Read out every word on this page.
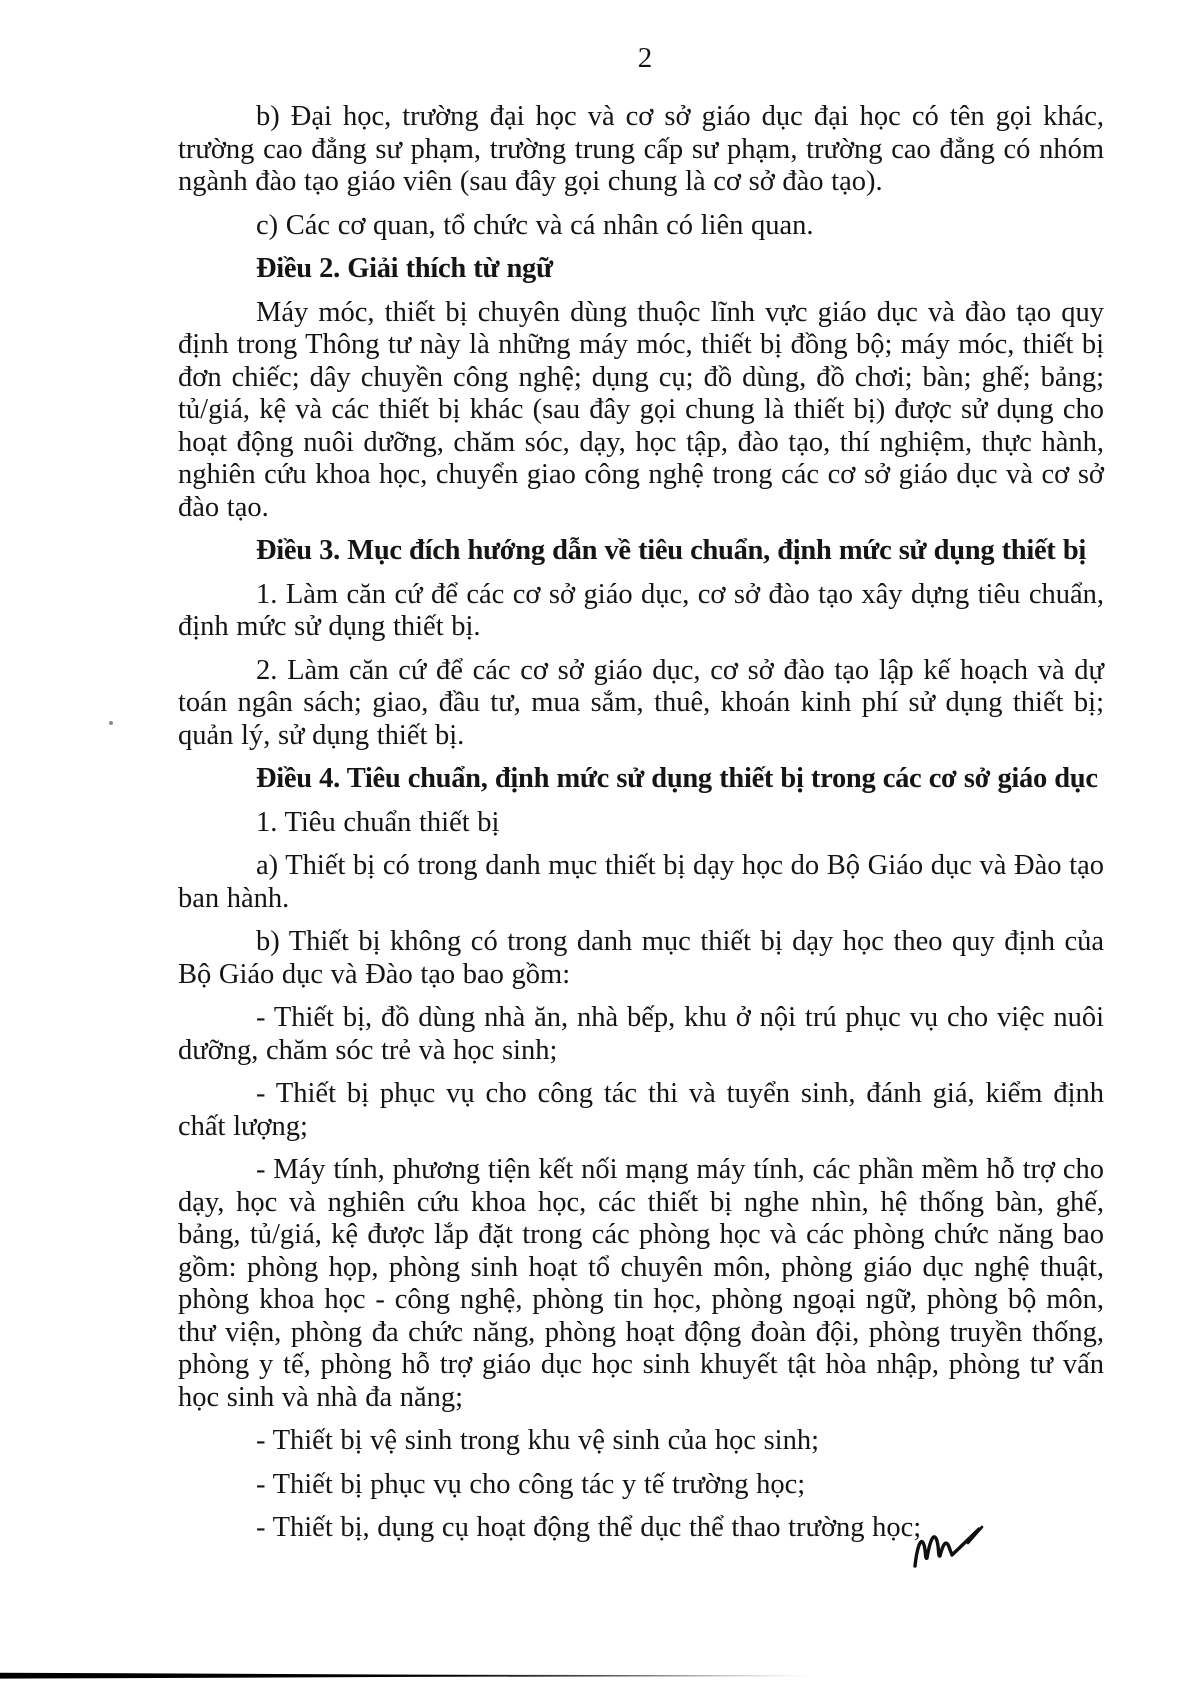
2

b) Đại học, trường đại học và cơ sở giáo dục đại học có tên gọi khác, trường cao đẳng sư phạm, trường trung cấp sư phạm, trường cao đẳng có nhóm ngành đào tạo giáo viên (sau đây gọi chung là cơ sở đào tạo).

c) Các cơ quan, tổ chức và cá nhân có liên quan.

Điều 2. Giải thích từ ngữ

Máy móc, thiết bị chuyên dùng thuộc lĩnh vực giáo dục và đào tạo quy định trong Thông tư này là những máy móc, thiết bị đồng bộ; máy móc, thiết bị đơn chiếc; dây chuyền công nghệ; dụng cụ; đồ dùng, đồ chơi; bàn; ghế; bảng; tủ/giá, kệ và các thiết bị khác (sau đây gọi chung là thiết bị) được sử dụng cho hoạt động nuôi dưỡng, chăm sóc, dạy, học tập, đào tạo, thí nghiệm, thực hành, nghiên cứu khoa học, chuyển giao công nghệ trong các cơ sở giáo dục và cơ sở đào tạo.

Điều 3. Mục đích hướng dẫn về tiêu chuẩn, định mức sử dụng thiết bị

1. Làm căn cứ để các cơ sở giáo dục, cơ sở đào tạo xây dựng tiêu chuẩn, định mức sử dụng thiết bị.

2. Làm căn cứ để các cơ sở giáo dục, cơ sở đào tạo lập kế hoạch và dự toán ngân sách; giao, đầu tư, mua sắm, thuê, khoán kinh phí sử dụng thiết bị; quản lý, sử dụng thiết bị.

Điều 4. Tiêu chuẩn, định mức sử dụng thiết bị trong các cơ sở giáo dục

1. Tiêu chuẩn thiết bị

a) Thiết bị có trong danh mục thiết bị dạy học do Bộ Giáo dục và Đào tạo ban hành.

b) Thiết bị không có trong danh mục thiết bị dạy học theo quy định của Bộ Giáo dục và Đào tạo bao gồm:

- Thiết bị, đồ dùng nhà ăn, nhà bếp, khu ở nội trú phục vụ cho việc nuôi dưỡng, chăm sóc trẻ và học sinh;

- Thiết bị phục vụ cho công tác thi và tuyển sinh, đánh giá, kiểm định chất lượng;

- Máy tính, phương tiện kết nối mạng máy tính, các phần mềm hỗ trợ cho dạy, học và nghiên cứu khoa học, các thiết bị nghe nhìn, hệ thống bàn, ghế, bảng, tủ/giá, kệ được lắp đặt trong các phòng học và các phòng chức năng bao gồm: phòng họp, phòng sinh hoạt tổ chuyên môn, phòng giáo dục nghệ thuật, phòng khoa học - công nghệ, phòng tin học, phòng ngoại ngữ, phòng bộ môn, thư viện, phòng đa chức năng, phòng hoạt động đoàn đội, phòng truyền thống, phòng y tế, phòng hỗ trợ giáo dục học sinh khuyết tật hòa nhập, phòng tư vấn học sinh và nhà đa năng;

- Thiết bị vệ sinh trong khu vệ sinh của học sinh;

- Thiết bị phục vụ cho công tác y tế trường học;

- Thiết bị, dụng cụ hoạt động thể dục thể thao trường học;
